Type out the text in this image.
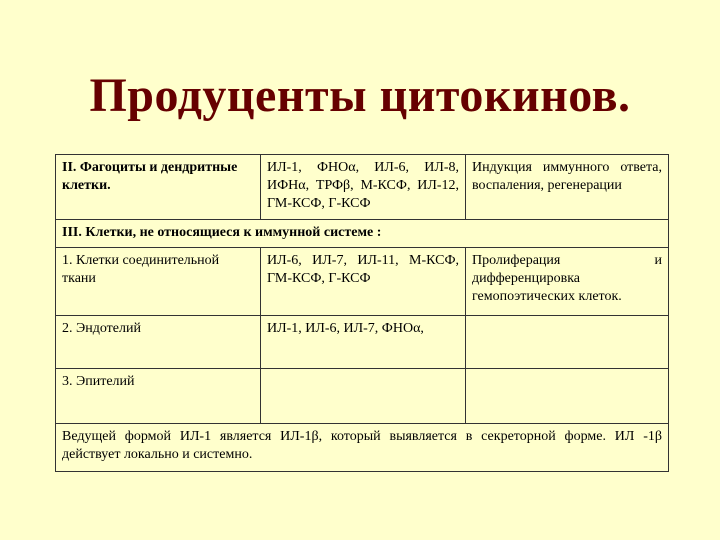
Продуценты цитокинов.
II. Фагоциты и дендритные клетки.	ИЛ-1, ФНОα, ИЛ-6, ИЛ-8, ИФНα, ТРФβ, М-КСФ, ИЛ-12, ГМ-КСФ, Г-КСФ	Индукция иммунного ответа, воспаления, регенерации
III. Клетки, не относящиеся к иммунной системе :		
1. Клетки соединительной ткани	ИЛ-6, ИЛ-7, ИЛ-11, М-КСФ, ГМ-КСФ, Г-КСФ	Пролиферация и дифференцировка гемопоэтических клеток.
2. Эндотелий	ИЛ-1, ИЛ-6, ИЛ-7, ФНОα,	
3. Эпителий		
Ведущей формой ИЛ-1 является ИЛ-1β, который выявляется в секреторной форме. ИЛ -1β действует локально и системно.		
